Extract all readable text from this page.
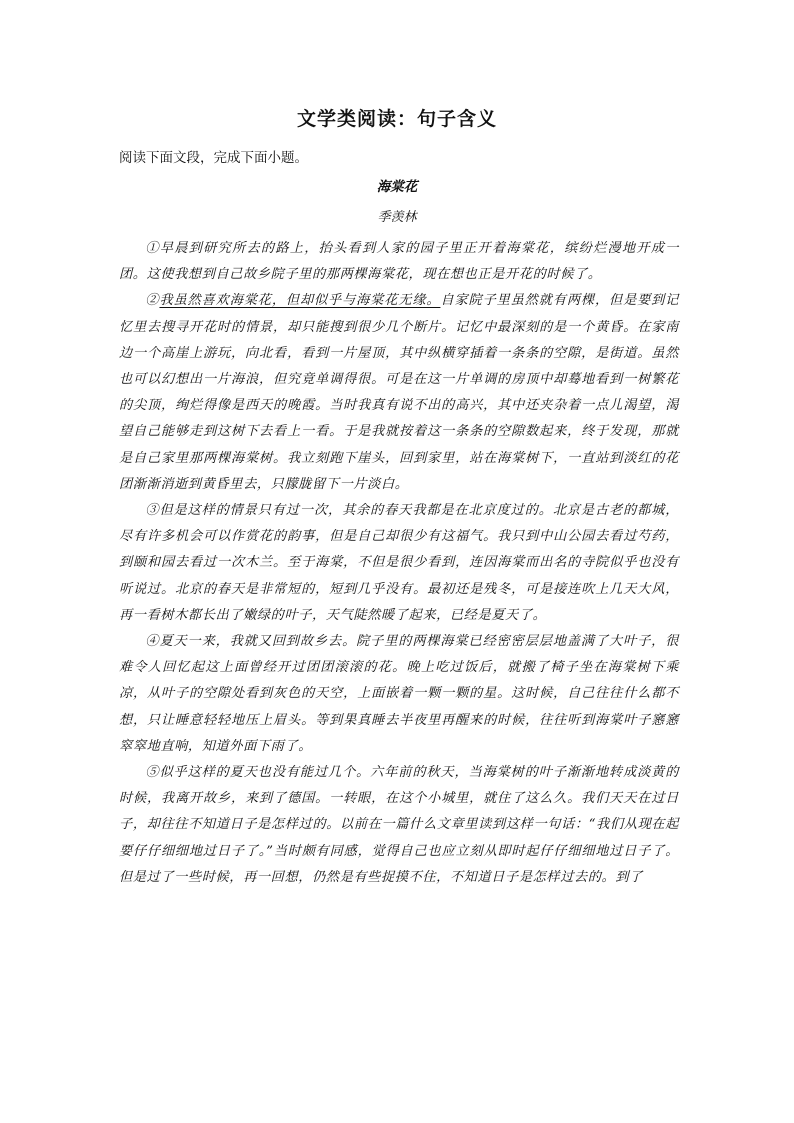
文学类阅读：句子含义
阅读下面文段，完成下面小题。
海棠花
季羡林

①早晨到研究所去的路上，抬头看到人家的园子里正开着海棠花，缤纷烂漫地开成一团。这使我想到自己故乡院子里的那两棵海棠花，现在想也正是开花的时候了。

②我虽然喜欢海棠花，但却似乎与海棠花无缘。自家院子里虽然就有两棵，但是要到记忆里去搜寻开花时的情景，却只能搜到很少几个断片。记忆中最深刻的是一个黄昏。在家南边一个高崖上游玩，向北看，看到一片屋顶，其中纵横穿插着一条条的空隙，是街道。虽然也可以幻想出一片海浪，但究竟单调得很。可是在这一片单调的房顶中却蓦地看到一树繁花的尖顶，绚烂得像是西天的晚霞。当时我真有说不出的高兴，其中还夹杂着一点儿渴望，渴望自己能够走到这树下去看上一看。于是我就按着这一条条的空隙数起来，终于发现，那就是自己家里那两棵海棠树。我立刻跑下崖头，回到家里，站在海棠树下，一直站到淡红的花团渐渐消逝到黄昏里去，只朦胧留下一片淡白。

③但是这样的情景只有过一次，其余的春天我都是在北京度过的。北京是古老的都城，尽有许多机会可以作赏花的韵事，但是自己却很少有这福气。我只到中山公园去看过芍药，到颐和园去看过一次木兰。至于海棠，不但是很少看到，连因海棠而出名的寺院似乎也没有听说过。北京的春天是非常短的，短到几乎没有。最初还是残冬，可是接连吹上几天大风，再一看树木都长出了嫩绿的叶子，天气陡然暖了起来，已经是夏天了。

④夏天一来，我就又回到故乡去。院子里的两棵海棠已经密密层层地盖满了大叶子，很难令人回忆起这上面曾经开过团团滚滚的花。晚上吃过饭后，就搬了椅子坐在海棠树下乘凉，从叶子的空隙处看到灰色的天空，上面嵌着一颗一颗的星。这时候，自己往往什么都不想，只让睡意轻轻地压上眉头。等到果真睡去半夜里再醒来的时候，往往听到海棠叶子窸窸窣窣地直响，知道外面下雨了。

⑤似乎这样的夏天也没有能过几个。六年前的秋天，当海棠树的叶子渐渐地转成淡黄的时候，我离开故乡，来到了德国。一转眼，在这个小城里，就住了这么久。我们天天在过日子，却往往不知道日子是怎样过的。以前在一篇什么文章里读到这样一句话：“我们从现在起要仔仔细细地过日子了。”当时颇有同感，觉得自己也应立刻从即时起仔仔细细地过日子了。但是过了一些时候，再一回想，仍然是有些捉摸不住，不知道日子是怎样过去的。到了
